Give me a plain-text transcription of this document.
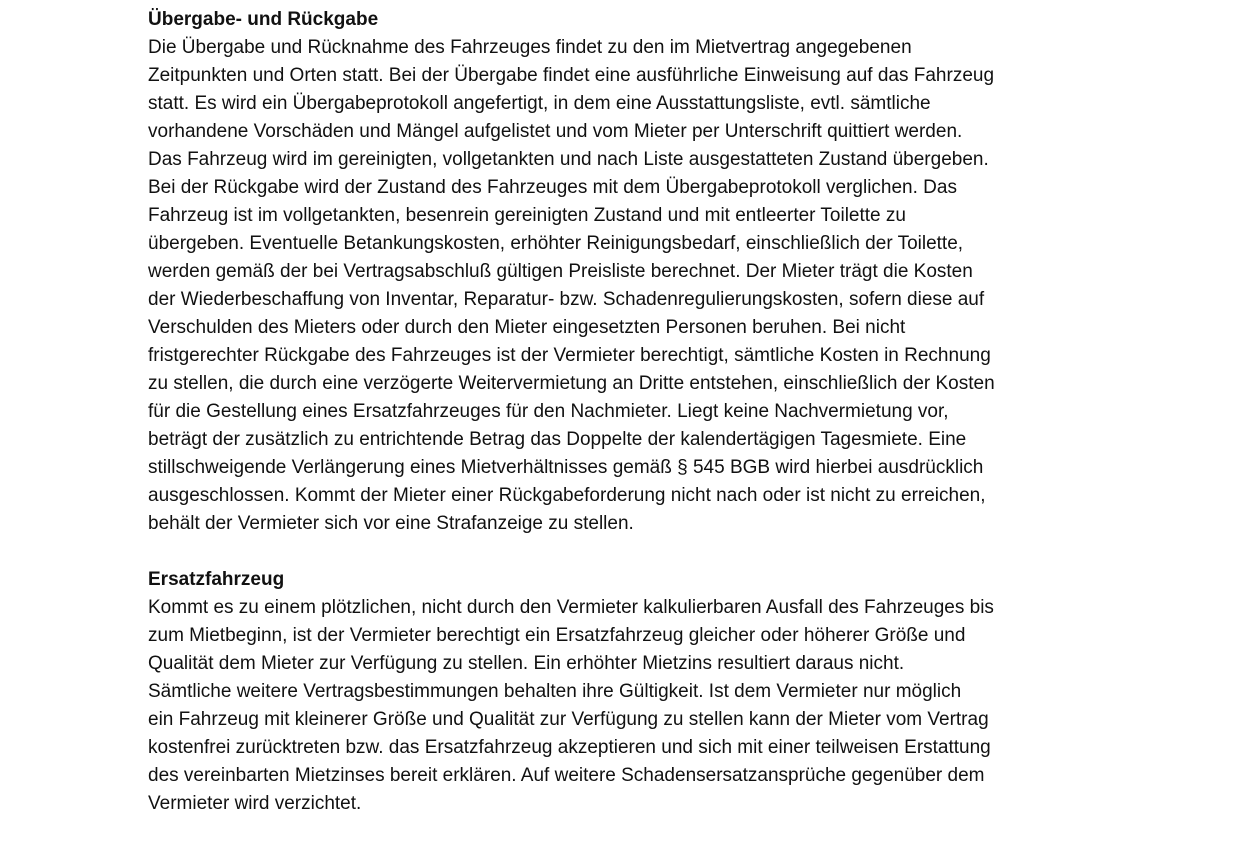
Übergabe- und Rückgabe
Die Übergabe und Rücknahme des Fahrzeuges findet zu den im Mietvertrag angegebenen
Zeitpunkten und Orten statt. Bei der Übergabe findet eine ausführliche Einweisung auf das Fahrzeug
statt. Es wird ein Übergabeprotokoll angefertigt, in dem eine Ausstattungsliste, evtl. sämtliche
vorhandene Vorschäden und Mängel aufgelistet und vom Mieter per Unterschrift quittiert werden.
Das Fahrzeug wird im gereinigten, vollgetankten und nach Liste ausgestatteten Zustand übergeben.
Bei der Rückgabe wird der Zustand des Fahrzeuges mit dem Übergabeprotokoll verglichen. Das
Fahrzeug ist im vollgetankten, besenrein gereinigten Zustand und mit entleerter Toilette zu
übergeben. Eventuelle Betankungskosten, erhöhter Reinigungsbedarf, einschließlich der Toilette,
werden gemäß der bei Vertragsabschluß gültigen Preisliste berechnet. Der Mieter trägt die Kosten
der Wiederbeschaffung von Inventar, Reparatur- bzw. Schadenregulierungskosten, sofern diese auf
Verschulden des Mieters oder durch den Mieter eingesetzten Personen beruhen. Bei nicht
fristgerechter Rückgabe des Fahrzeuges ist der Vermieter berechtigt, sämtliche Kosten in Rechnung
zu stellen, die durch eine verzögerte Weitervermietung an Dritte entstehen, einschließlich der Kosten
für die Gestellung eines Ersatzfahrzeuges für den Nachmieter. Liegt keine Nachvermietung vor,
beträgt der zusätzlich zu entrichtende Betrag das Doppelte der kalendertägigen Tagesmiete. Eine
stillschweigende Verlängerung eines Mietverhältnisses gemäß § 545 BGB wird hierbei ausdrücklich
ausgeschlossen. Kommt der Mieter einer Rückgabeforderung nicht nach oder ist nicht zu erreichen,
behält der Vermieter sich vor eine Strafanzeige zu stellen.
Ersatzfahrzeug
Kommt es zu einem plötzlichen, nicht durch den Vermieter kalkulierbaren Ausfall des Fahrzeuges bis
zum Mietbeginn, ist der Vermieter berechtigt ein Ersatzfahrzeug gleicher oder höherer Größe und
Qualität dem Mieter zur Verfügung zu stellen. Ein erhöhter Mietzins resultiert daraus nicht.
Sämtliche weitere Vertragsbestimmungen behalten ihre Gültigkeit. Ist dem Vermieter nur möglich
ein Fahrzeug mit kleinerer Größe und Qualität zur Verfügung zu stellen kann der Mieter vom Vertrag
kostenfrei zurücktreten bzw. das Ersatzfahrzeug akzeptieren und sich mit einer teilweisen Erstattung
des vereinbarten Mietzinses bereit erklären. Auf weitere Schadensersatzansprüche gegenüber dem
Vermieter wird verzichtet.
